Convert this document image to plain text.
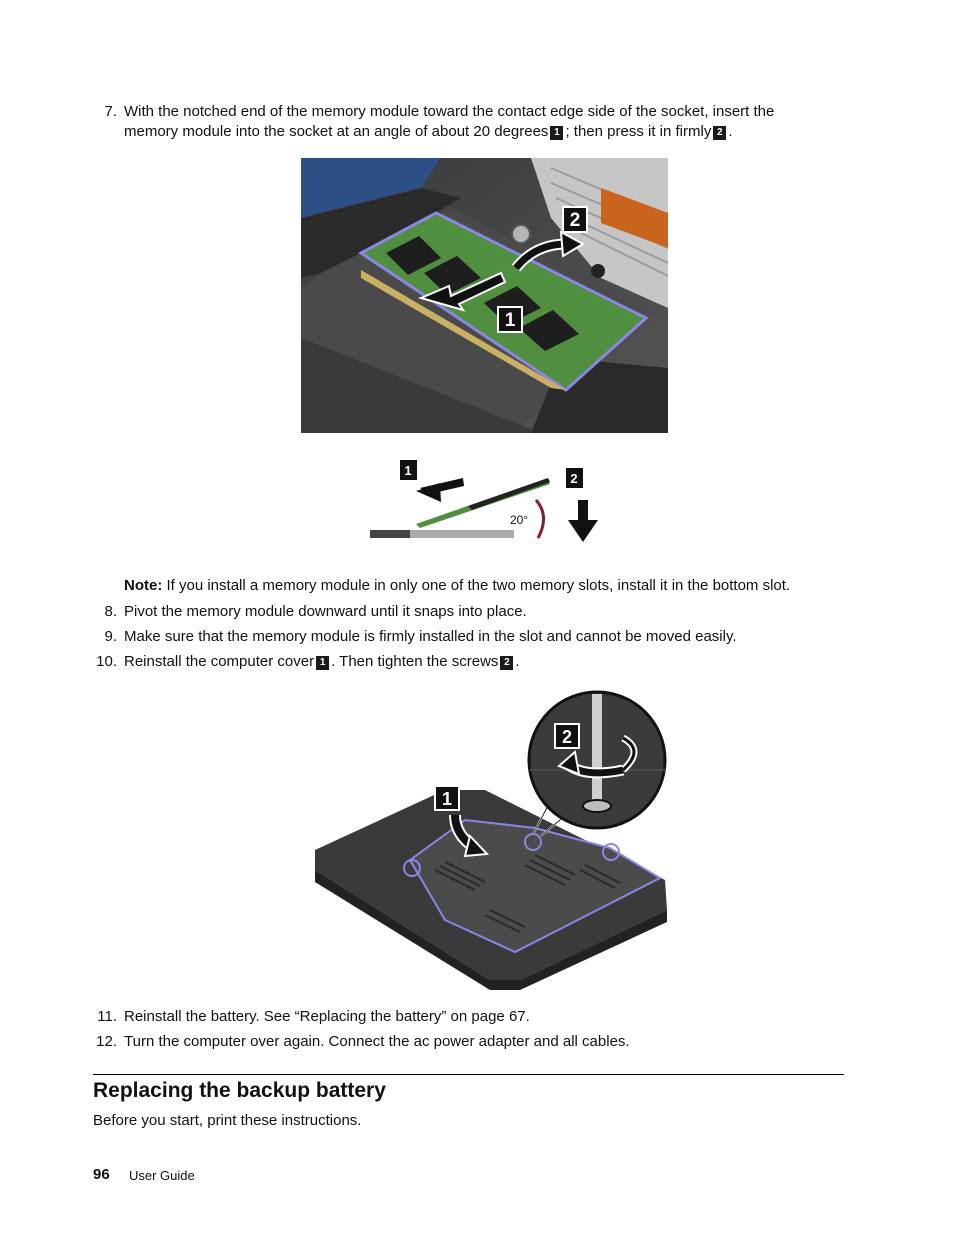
7. With the notched end of the memory module toward the contact edge side of the socket, insert the
memory module into the socket at an angle of about 20 degrees 1 ; then press it in firmly 2 .
2
1
1
20°
2
Note: If you install a memory module in only one of the two memory slots, install it in the bottom slot.
8. Pivot the memory module downward until it snaps into place.
9. Make sure that the memory module is firmly installed in the slot and cannot be moved easily.
10. Reinstall the computer cover 1 . Then tighten the screws 2 .
1
2
11. Reinstall the battery. See “Replacing the battery” on page 67.
12. Turn the computer over again. Connect the ac power adapter and all cables.
Replacing the backup battery
Before you start, print these instructions.
96 User Guide
